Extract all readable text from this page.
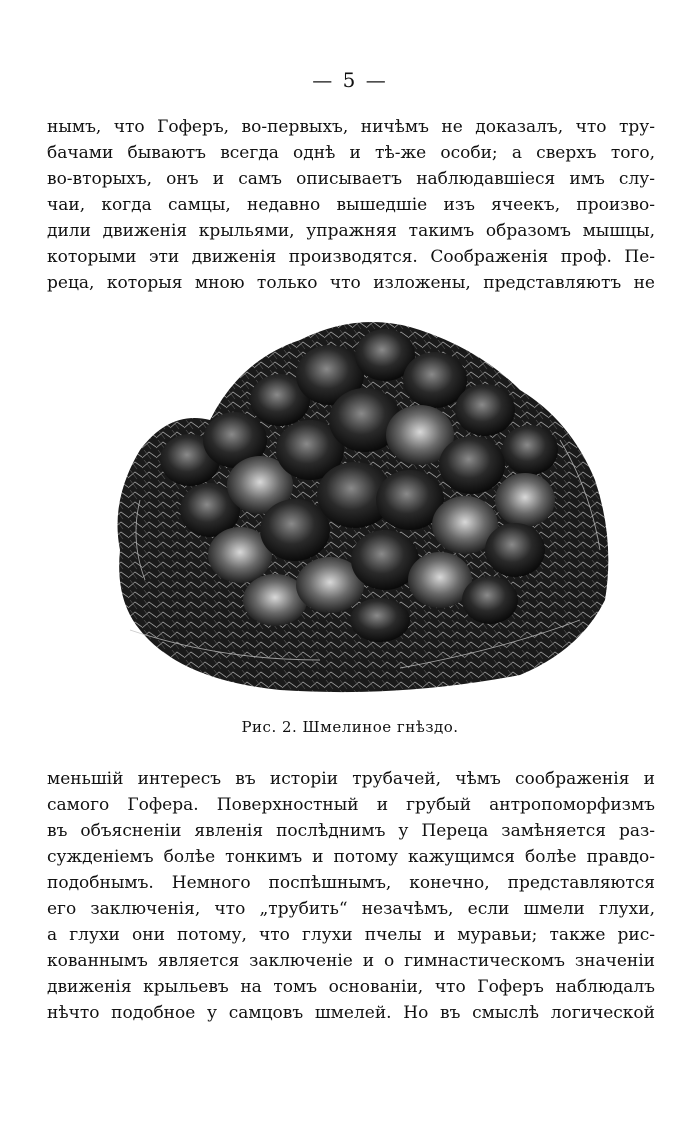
— 5 —
нымъ, что Гоферъ, во-первыхъ, ничѣмъ не доказалъ, что тру-
бачами бываютъ всегда однѣ и тѣ-же особи; а сверхъ того,
во-вторыхъ, онъ и самъ описываетъ наблюдавшiеся имъ слу-
чаи, когда самцы, недавно вышедшiе изъ ячеекъ, произво-
дили движенiя крыльями, упражняя такимъ образомъ мышцы,
которыми эти движенiя производятся. Соображенiя проф. Пе-
реца, которыя мною только что изложены, представляютъ не
Рис. 2. Шмелиное гнѣздо.
меньшiй интересъ въ исторiи трубачей, чѣмъ соображенiя и
самого Гофера. Поверхностный и грубый антропоморфизмъ
въ объясненiи явленiя послѣднимъ у Переца замѣняется раз-
сужденiемъ болѣе тонкимъ и потому кажущимся болѣе правдо-
подобнымъ. Немного поспѣшнымъ, конечно, представляются
его заключенiя, что „трубить“ незачѣмъ, если шмели глухи,
а глухи они потому, что глухи пчелы и муравьи; также рис-
кованнымъ является заключенiе и о гимнастическомъ значенiи
движенiя крыльевъ на томъ основанiи, что Гоферъ наблюдалъ
нѣчто подобное у самцовъ шмелей. Но въ смыслѣ логической
